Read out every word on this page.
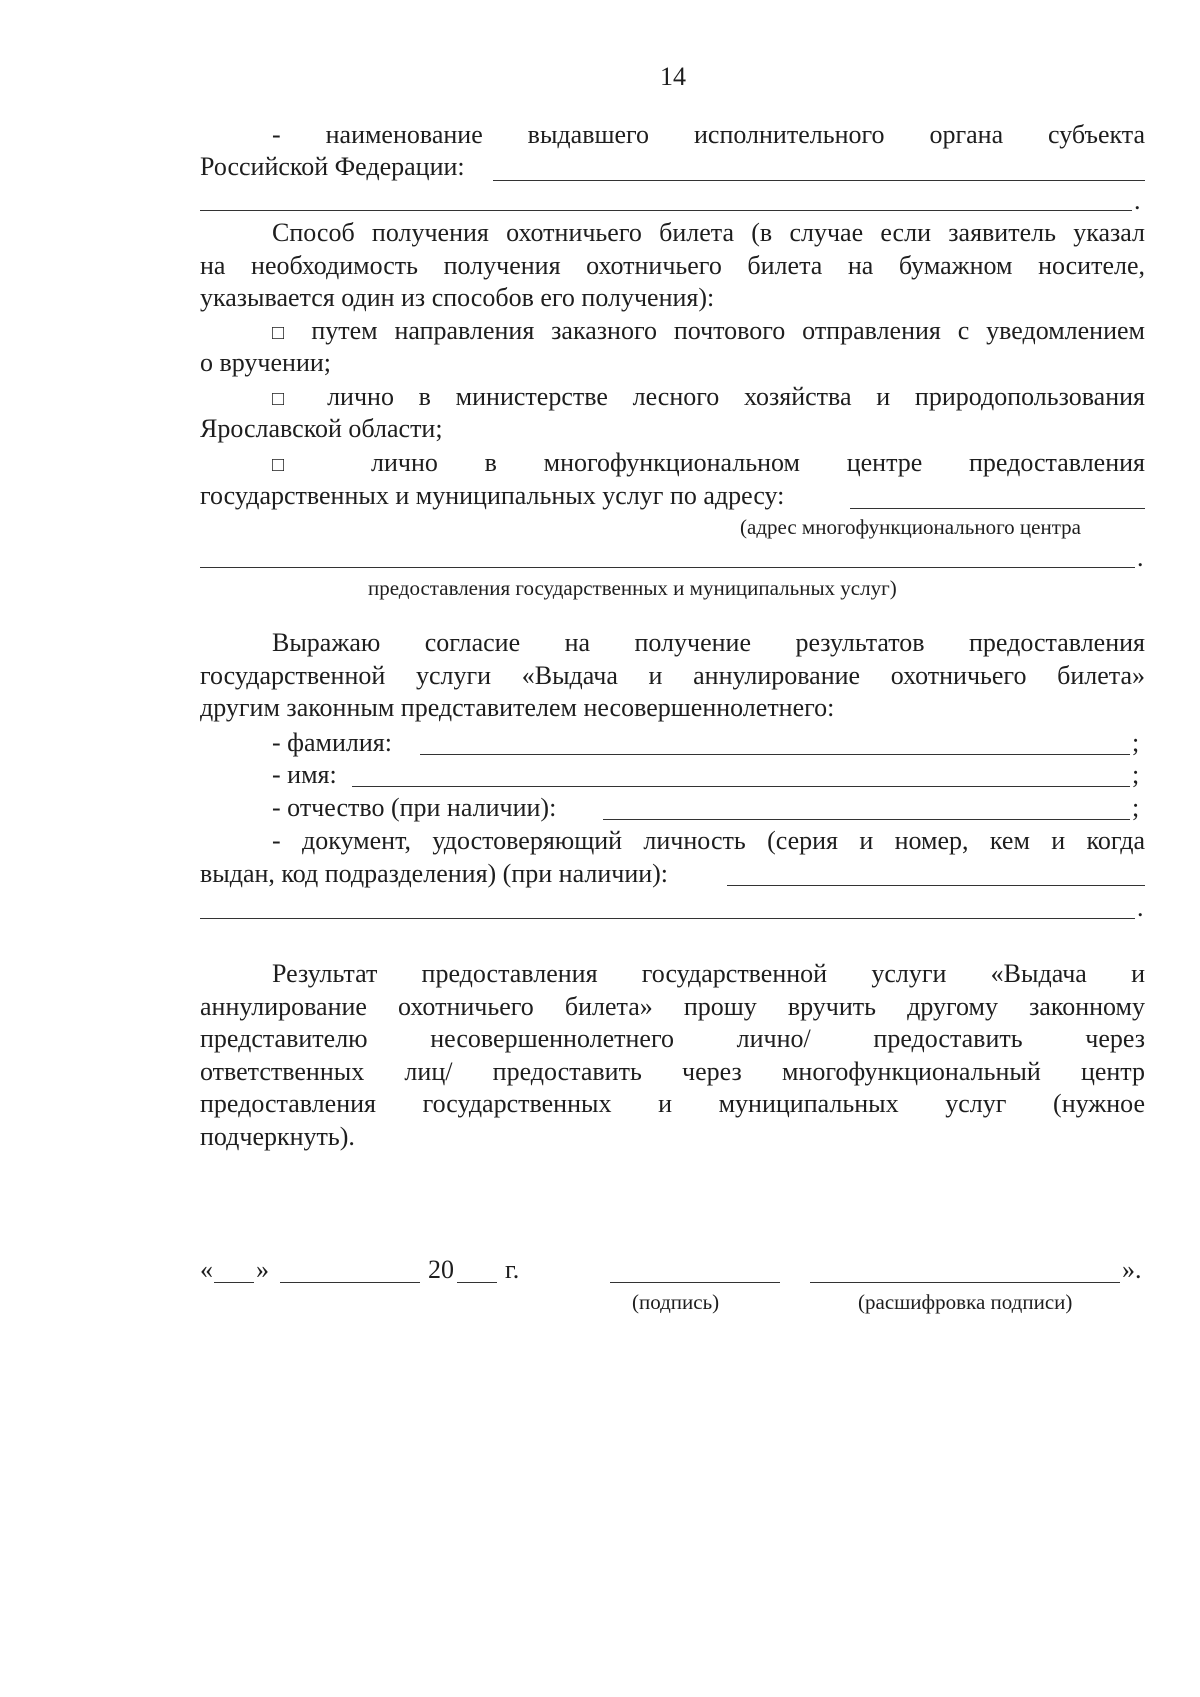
14
- наименование выдавшего исполнительного органа субъекта
Российской Федерации:
.
Способ получения охотничьего билета (в случае если заявитель указал
на необходимость получения охотничьего билета на бумажном носителе,
указывается один из способов его получения):
□ путем направления заказного почтового отправления с уведомлением
о вручении;
□ лично в министерстве лесного хозяйства и природопользования
Ярославской области;
□ лично в многофункциональном центре предоставления
государственных и муниципальных услуг по адресу:
(адрес многофункционального центра
.
предоставления государственных и муниципальных услуг)
Выражаю согласие на получение результатов предоставления
государственной услуги «Выдача и аннулирование охотничьего билета»
другим законным представителем несовершеннолетнего:
- фамилия:	;
- имя:	;
- отчество (при наличии):	;
- документ, удостоверяющий личность (серия и номер, кем и когда
выдан, код подразделения) (при наличии):
.
Результат предоставления государственной услуги «Выдача и
аннулирование охотничьего билета» прошу вручить другому законному
представителю несовершеннолетнего лично/ предоставить через
ответственных лиц/ предоставить через многофункциональный центр
предоставления государственных и муниципальных услуг (нужное
подчеркнуть).
« »	20 г.	».
(подпись)	(расшифровка подписи)
